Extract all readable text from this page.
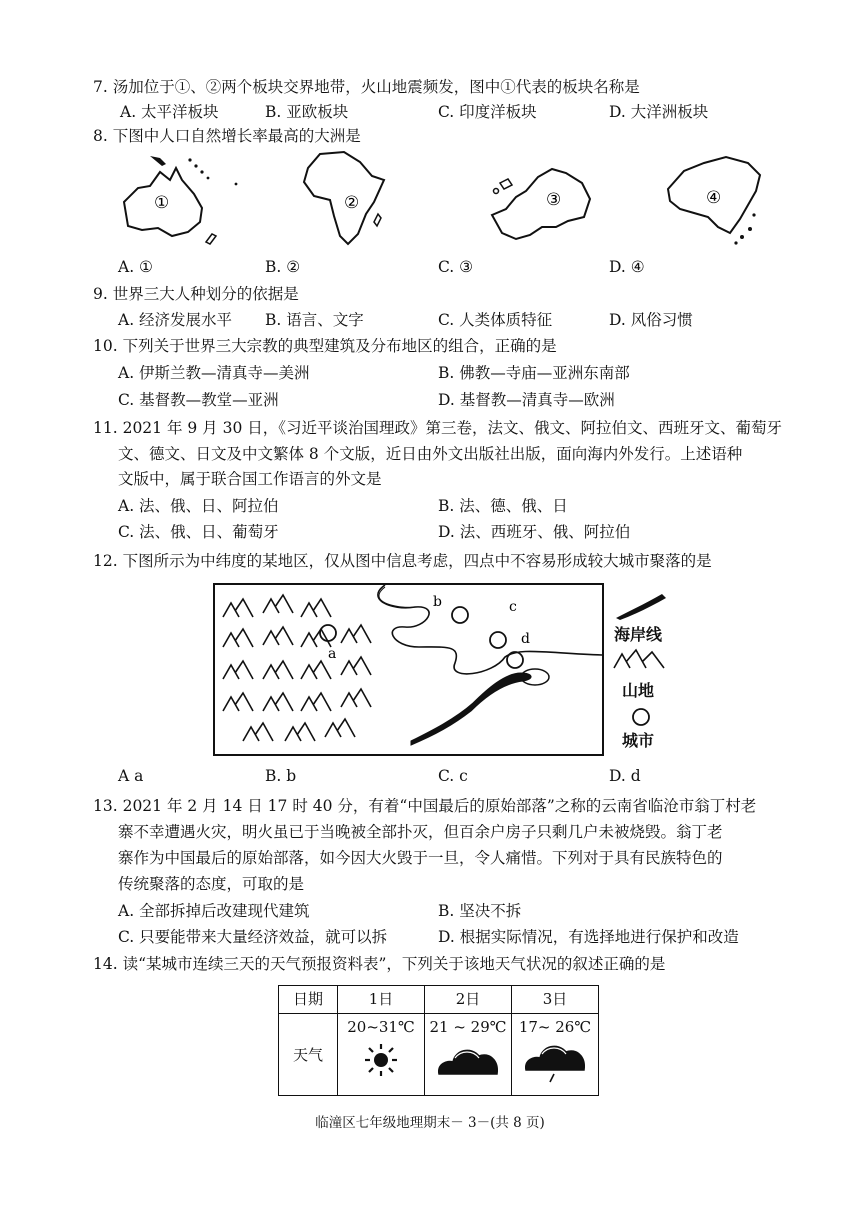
7. 汤加位于①、②两个板块交界地带，火山地震频发，图中①代表的板块名称是
A. 太平洋板块	B. 亚欧板块	C. 印度洋板块	D. 大洋洲板块
8. 下图中人口自然增长率最高的大洲是
①	②	③	④
A. ①	B. ②	C. ③	D. ④
9. 世界三大人种划分的依据是
A. 经济发展水平 B. 语言、文字	C. 人类体质特征	D. 风俗习惯
10. 下列关于世界三大宗教的典型建筑及分布地区的组合，正确的是
A. 伊斯兰教—清真寺—美洲	B. 佛教—寺庙—亚洲东南部
C. 基督教—教堂—亚洲	D. 基督教—清真寺—欧洲
11. 2021 年 9 月 30 日，《习近平谈治国理政》第三卷，法文、俄文、阿拉伯文、西班牙文、葡萄牙
文、德文、日文及中文繁体 8 个文版，近日由外文出版社出版，面向海内外发行。上述语种
文版中，属于联合国工作语言的外文是
A. 法、俄、日、阿拉伯	B. 法、德、俄、日
C. 法、俄、日、葡萄牙	D. 法、西班牙、俄、阿拉伯
12. 下图所示为中纬度的某地区，仅从图中信息考虑，四点中不容易形成较大城市聚落的是
a
b	c
d	海岸线
山地
城市
A a	B. b	C. c	D. d
13. 2021 年 2 月 14 日 17 时 40 分，有着“中国最后的原始部落”之称的云南省临沧市翁丁村老
寨不幸遭遇火灾，明火虽已于当晚被全部扑灭，但百余户房子只剩几户未被烧毁。翁丁老
寨作为中国最后的原始部落，如今因大火毁于一旦，令人痛惜。下列对于具有民族特色的
传统聚落的态度，可取的是
A. 全部拆掉后改建现代建筑	B. 坚决不拆
C. 只要能带来大量经济效益，就可以拆	D. 根据实际情况，有选择地进行保护和改造
14. 读“某城市连续三天的天气预报资料表”，下列关于该地天气状况的叙述正确的是
日期	1日	2日	3日
天气	20~31℃	21 ~ 29℃	17~ 26℃
临潼区七年级地理期末－ 3－(共 8 页)
